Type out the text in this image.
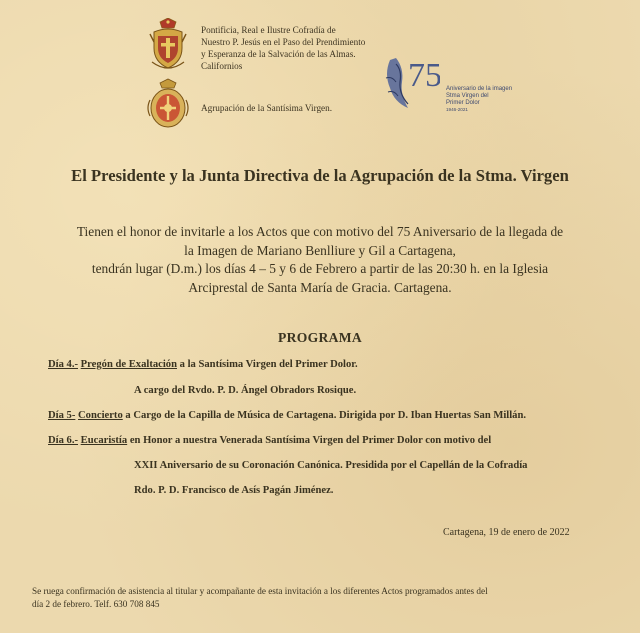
Pontificia, Real e Ilustre Cofradía de
Nuestro P. Jesús en el Paso del Prendimiento
y Esperanza de la Salvación de las Almas.
Californios
Agrupación de la Santísima Virgen.
75 Aniversario de la imagen
Stma Virgen del
Primer Dolor
1946-2021
El Presidente y la Junta Directiva de la Agrupación de la Stma. Virgen
Tienen el honor de invitarle a los Actos que con motivo del 75 Aniversario de la llegada de
la Imagen de Mariano Benlliure y Gil a Cartagena,
tendrán lugar (D.m.) los días 4 – 5 y 6 de Febrero a partir de las 20:30 h. en la Iglesia
Arciprestal de Santa María de Gracia. Cartagena.
PROGRAMA
Día 4.- Pregón de Exaltación a la Santísima Virgen del Primer Dolor.
A cargo del Rvdo. P. D. Ángel Obradors Rosique.
Día 5- Concierto a Cargo de la Capilla de Música de Cartagena. Dirigida por D. Iban Huertas San Millán.
Día 6.- Eucaristía en Honor a nuestra Venerada Santísima Virgen del Primer Dolor con motivo del
XXII Aniversario de su Coronación Canónica. Presidida por el Capellán de la Cofradía
Rdo. P. D. Francisco de Asís Pagán Jiménez.
Cartagena, 19 de enero de 2022
Se ruega confirmación de asistencia al titular y acompañante de esta invitación a los diferentes Actos programados antes del
día 2 de febrero. Telf. 630 708 845
